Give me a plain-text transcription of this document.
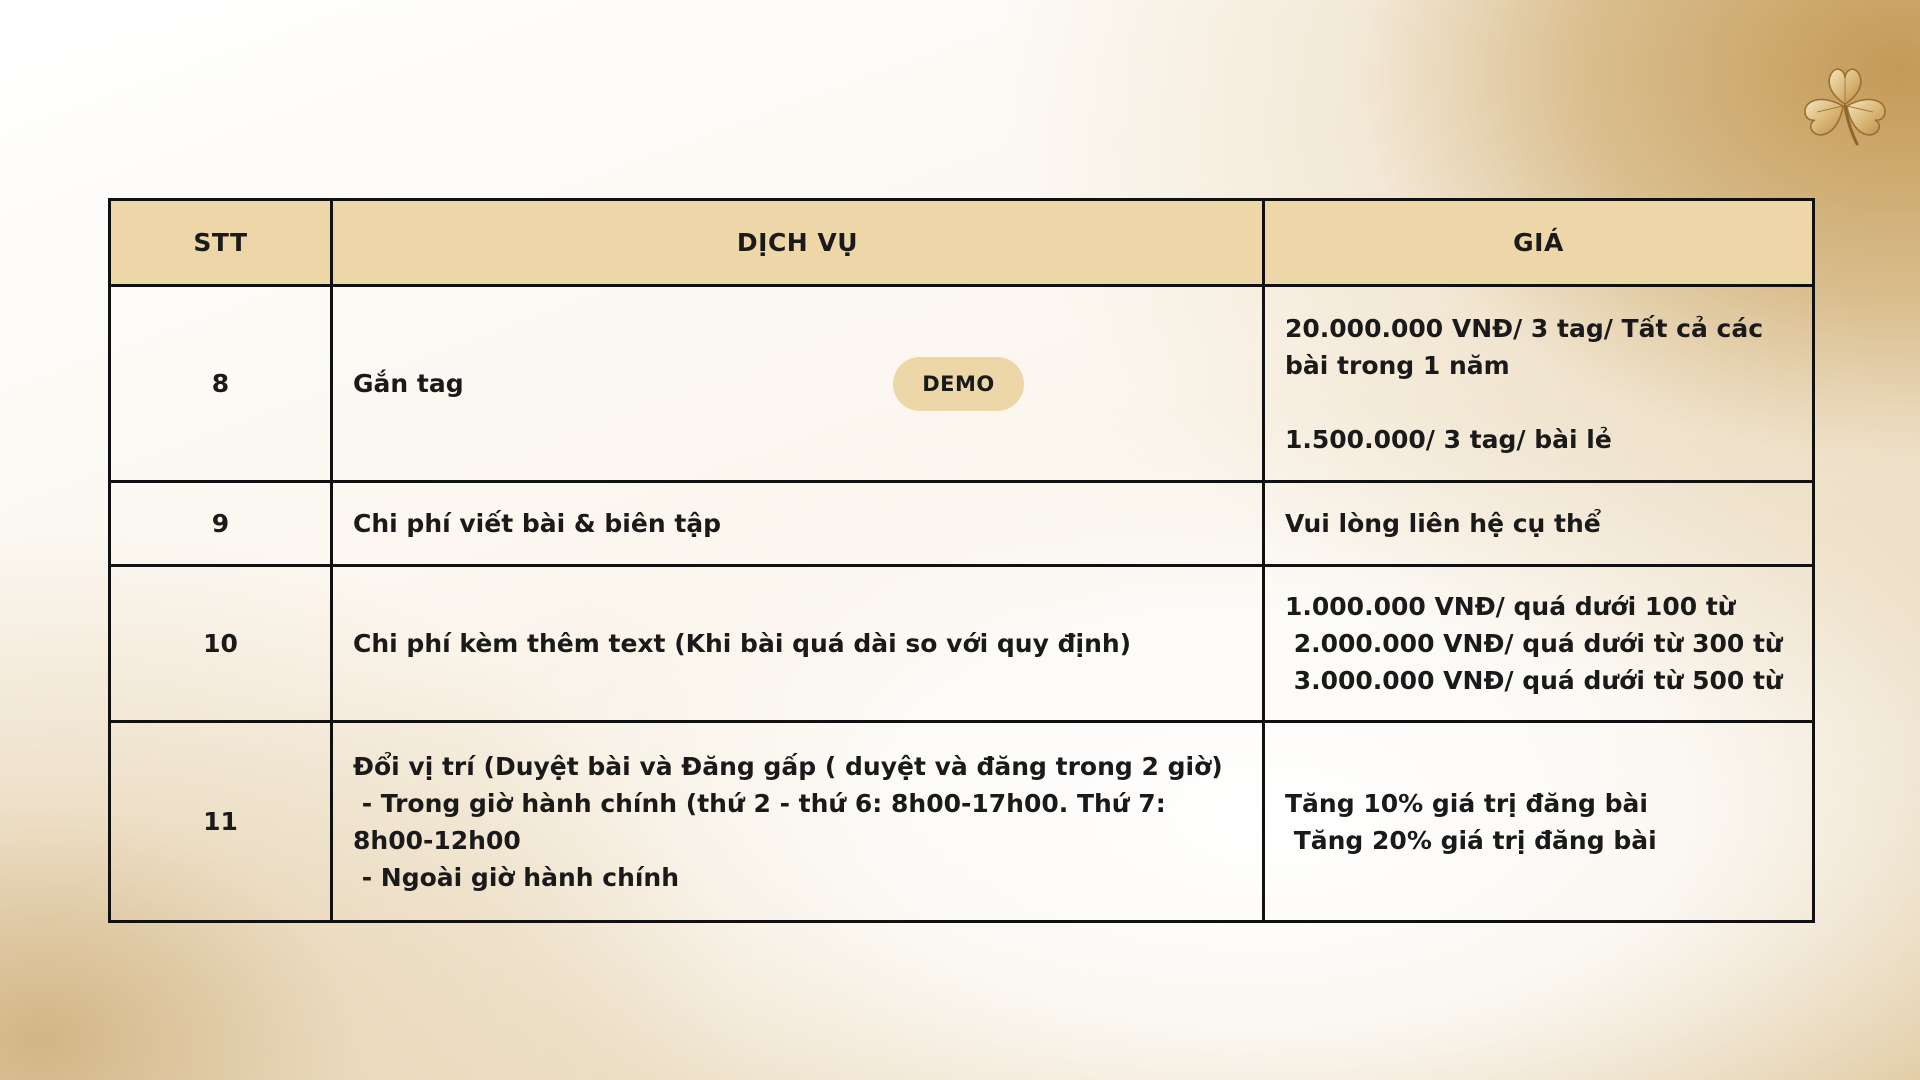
STT	DỊCH VỤ	GIÁ
8	Gắn tag DEMO	20.000.000 VNĐ/ 3 tag/ Tất cả các bài trong 1 năm
1.500.000/ 3 tag/ bài lẻ

9	Chi phí viết bài & biên tập	Vui lòng liên hệ cụ thể

10	Chi phí kèm thêm text (Khi bài quá dài so với quy định)	1.000.000 VNĐ/ quá dưới 100 từ
2.000.000 VNĐ/ quá dưới từ 300 từ
3.000.000 VNĐ/ quá dưới từ 500 từ

11	Đổi vị trí (Duyệt bài và Đăng gấp ( duyệt và đăng trong 2 giờ)
- Trong giờ hành chính (thứ 2 - thứ 6: 8h00-17h00. Thứ 7: 8h00-12h00
- Ngoài giờ hành chính	Tăng 10% giá trị đăng bài
Tăng 20% giá trị đăng bài
